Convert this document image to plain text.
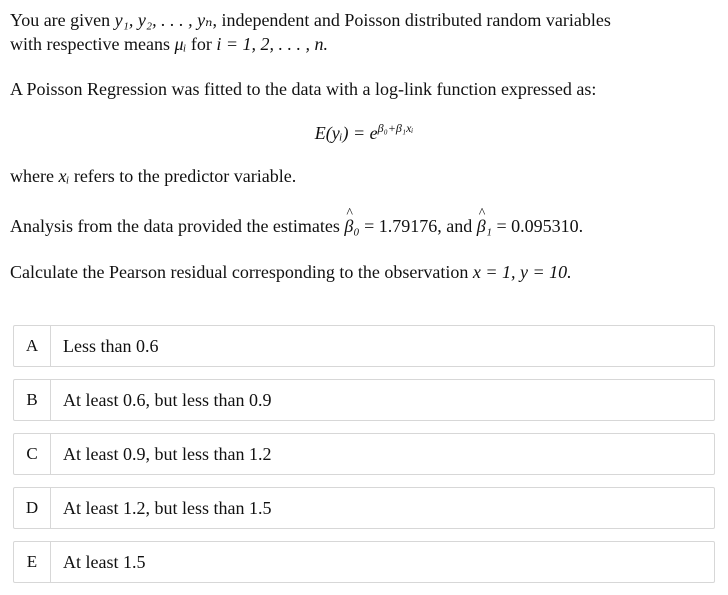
You are given y₁, y₂, . . . , yₙ, independent and Poisson distributed random variables
with respective means μᵢ for i = 1, 2, . . . , n.
A Poisson Regression was fitted to the data with a log-link function expressed as:
E(yᵢ) = $e^{\beta_0+\beta_1xᵢ}$
where xᵢ refers to the predictor variable.
Analysis from the data provided the estimates ^ β₀ = 1.79176, and ^ β₁ = 0.095310.
Calculate the Pearson residual corresponding to the observation x = 1, y = 10.
A	Less than 0.6
B	At least 0.6, but less than 0.9
C	At least 0.9, but less than 1.2
D	At least 1.2, but less than 1.5
E	At least 1.5
